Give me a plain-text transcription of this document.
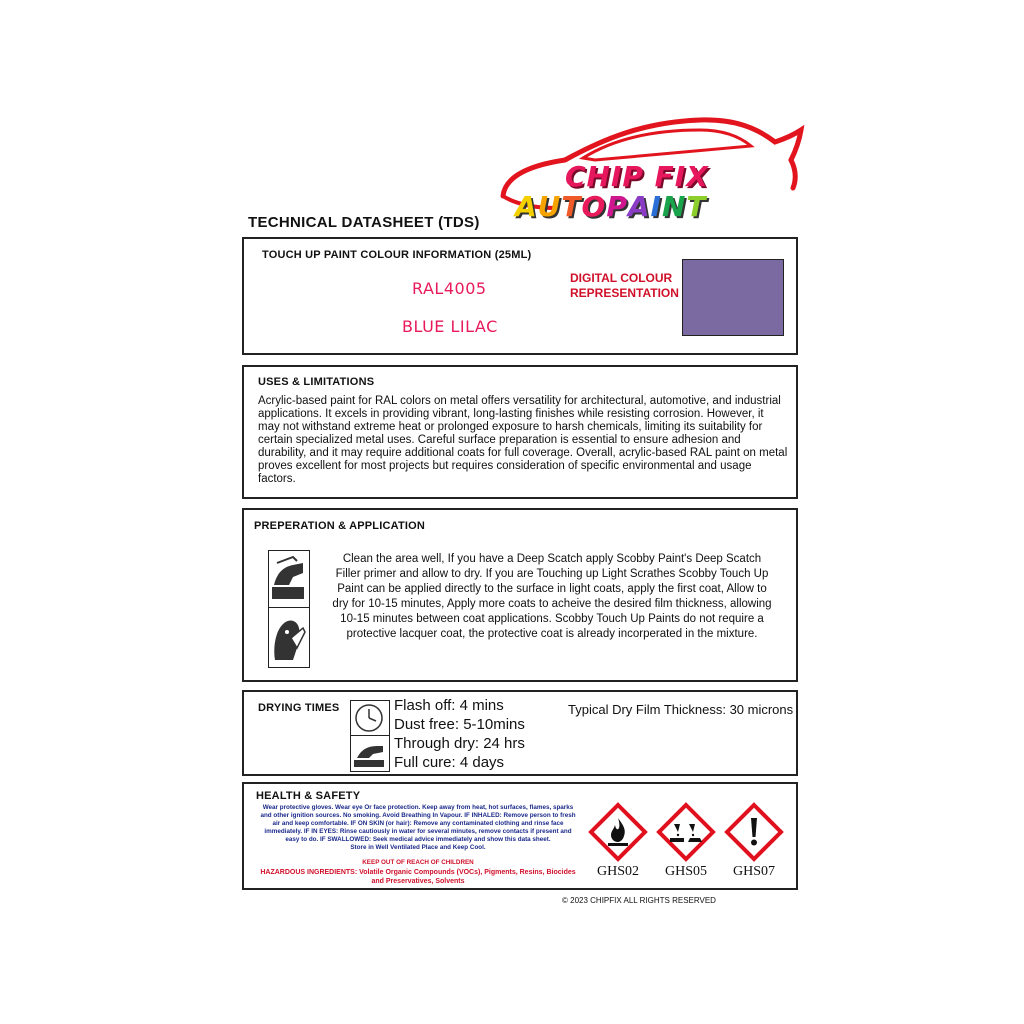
CHIP FIX
AUTOPAINT
TECHNICAL DATASHEET (TDS)
TOUCH UP PAINT COLOUR INFORMATION (25ML)
RAL4005
BLUE LILAC
DIGITAL COLOUR
REPRESENTATION
USES & LIMITATIONS
Acrylic-based paint for RAL colors on metal offers versatility for architectural, automotive, and industrial applications. It excels in providing vibrant, long-lasting finishes while resisting corrosion. However, it may not withstand extreme heat or prolonged exposure to harsh chemicals, limiting its suitability for certain specialized metal uses. Careful surface preparation is essential to ensure adhesion and durability, and it may require additional coats for full coverage. Overall, acrylic-based RAL paint on metal proves excellent for most projects but requires consideration of specific environmental and usage factors.
PREPERATION & APPLICATION
Clean the area well, If you have a Deep Scatch apply Scobby Paint's Deep Scatch Filler primer and allow to dry. If you are Touching up Light Scrathes Scobby Touch Up Paint can be applied directly to the surface in light coats, apply the first coat, Allow to dry for 10-15 minutes, Apply more coats to acheive the desired film thickness, allowing 10-15 minutes between coat applications. Scobby Touch Up Paints do not require a protective lacquer coat, the protective coat is already incorperated in the mixture.
DRYING TIMES	Flash off: 4 mins
Dust free: 5-10mins
Through dry: 24 hrs
Full cure: 4 days
Typical Dry Film Thickness: 30 microns
HEALTH & SAFETY
Wear protective gloves. Wear eye Or face protection. Keep away from heat, hot surfaces, flames, sparks and other ignition sources. No smoking. Avoid Breathing In Vapour. IF INHALED: Remove person to fresh air and keep comfortable. IF ON SKIN (or hair): Remove any contaminated clothing and rinse face immediately. IF IN EYES: Rinse cautiously in water for several minutes, remove contacts if present and easy to do. IF SWALLOWED: Seek medical advice immediately and show this data sheet.
Store in Well Ventilated Place and Keep Cool.
KEEP OUT OF REACH OF CHILDREN
HAZARDOUS INGREDIENTS: Volatile Organic Compounds (VOCs), Pigments, Resins, Biocides and Preservatives, Solvents
GHS02	GHS05	GHS07
© 2023 CHIPFIX ALL RIGHTS RESERVED
